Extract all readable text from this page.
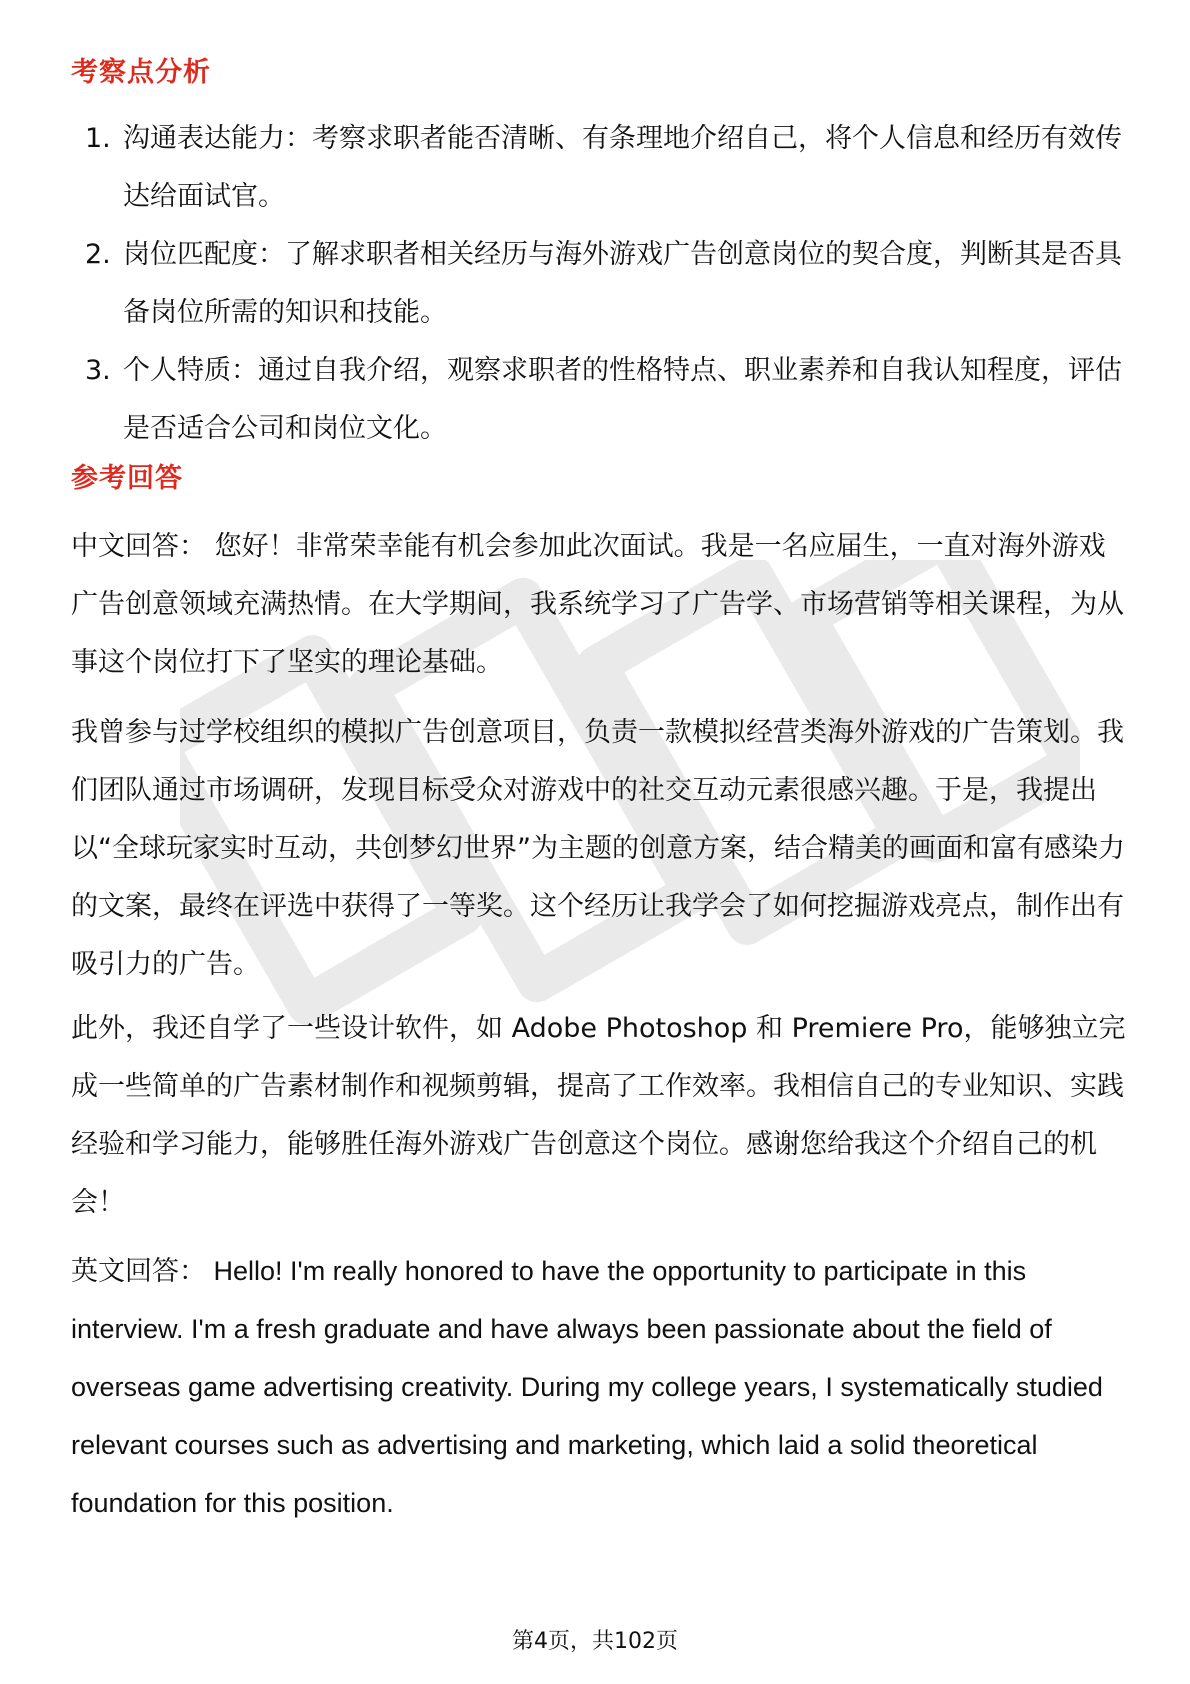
考察点分析
1. 沟通表达能力：考察求职者能否清晰、有条理地介绍自己，将个人信息和经历有效传达给面试官。
2. 岗位匹配度：了解求职者相关经历与海外游戏广告创意岗位的契合度，判断其是否具备岗位所需的知识和技能。
3. 个人特质：通过自我介绍，观察求职者的性格特点、职业素养和自我认知程度，评估是否适合公司和岗位文化。
参考回答
中文回答： 您好！非常荣幸能有机会参加此次面试。我是一名应届生，一直对海外游戏广告创意领域充满热情。在大学期间，我系统学习了广告学、市场营销等相关课程，为从事这个岗位打下了坚实的理论基础。
我曾参与过学校组织的模拟广告创意项目，负责一款模拟经营类海外游戏的广告策划。我们团队通过市场调研，发现目标受众对游戏中的社交互动元素很感兴趣。于是，我提出以“全球玩家实时互动，共创梦幻世界”为主题的创意方案，结合精美的画面和富有感染力的文案，最终在评选中获得了一等奖。这个经历让我学会了如何挖掘游戏亮点，制作出有吸引力的广告。
此外，我还自学了一些设计软件，如 Adobe Photoshop 和 Premiere Pro，能够独立完成一些简单的广告素材制作和视频剪辑，提高了工作效率。我相信自己的专业知识、实践经验和学习能力，能够胜任海外游戏广告创意这个岗位。感谢您给我这个介绍自己的机会！
英文回答： Hello! I'm really honored to have the opportunity to participate in this interview. I'm a fresh graduate and have always been passionate about the field of overseas game advertising creativity. During my college years, I systematically studied relevant courses such as advertising and marketing, which laid a solid theoretical foundation for this position.
第4页，共102页
